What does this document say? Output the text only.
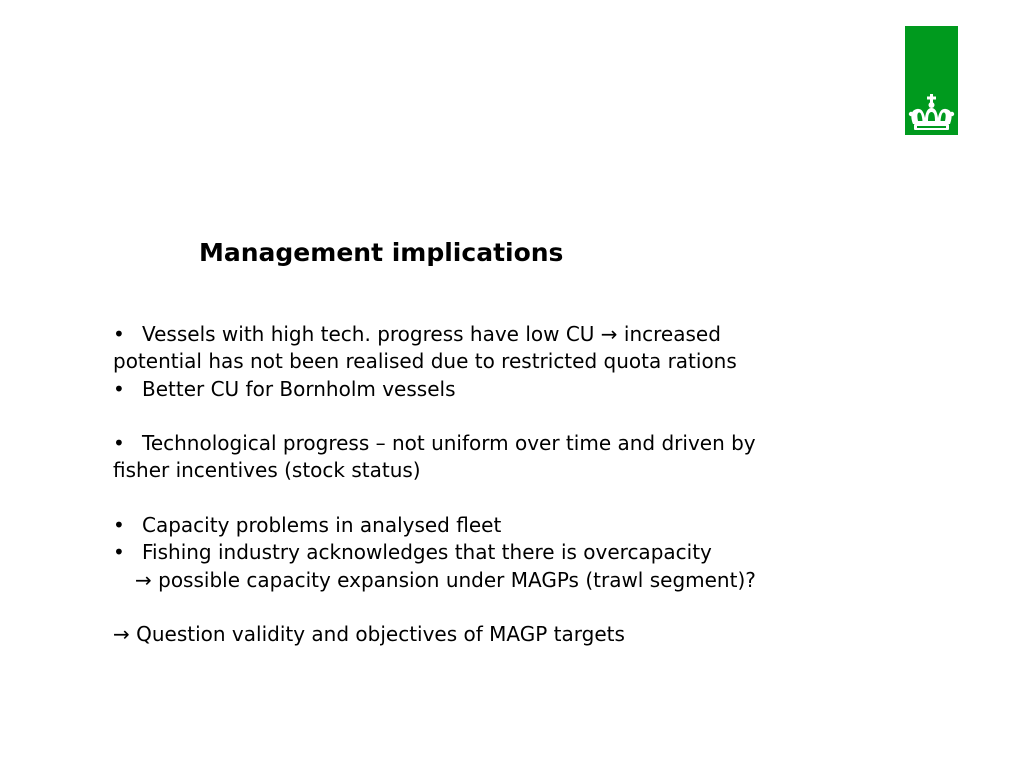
Management implications
• Vessels with high tech. progress have low CU → increased
potential has not been realised due to restricted quota rations
• Better CU for Bornholm vessels
• Technological progress – not uniform over time and driven by
fisher incentives (stock status)
• Capacity problems in analysed fleet
• Fishing industry acknowledges that there is overcapacity
→ possible capacity expansion under MAGPs (trawl segment)?
→ Question validity and objectives of MAGP targets
